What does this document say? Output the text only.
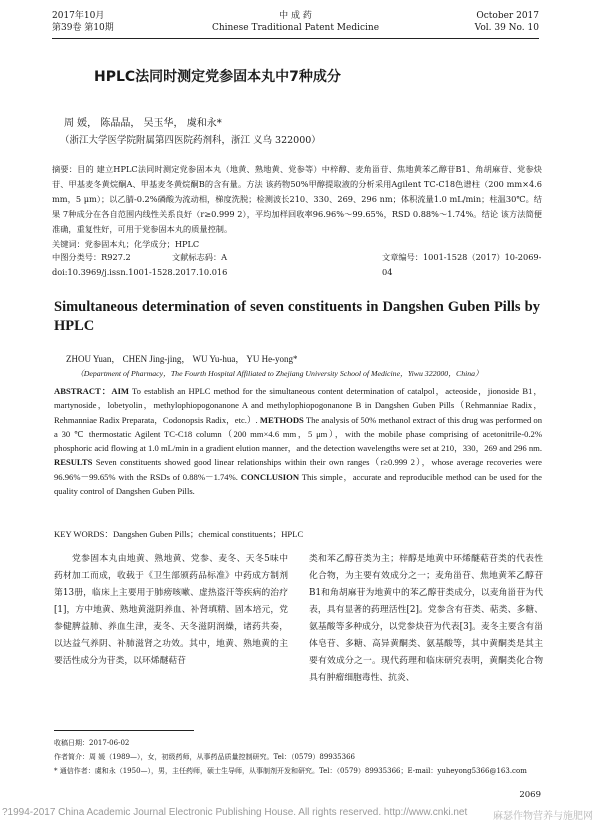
2017年10月
第39卷 第10期
中 成 药
Chinese Traditional Patent Medicine
October 2017
Vol. 39 No. 10
HPLC法同时测定党参固本丸中7种成分
周 媛， 陈晶晶， 吴玉华， 虞和永*
（浙江大学医学院附属第四医院药剂科，浙江 义乌 322000）
摘要：目的 建立HPLC法同时测定党参固本丸（地黄、熟地黄、党参等）中梓醇、麦角甾苷、焦地黄苯乙醇苷B1、角胡麻苷、党参炔苷、甲基麦冬黄烷酮A、甲基麦冬黄烷酮B的含有量。方法 该药物50%甲醇提取液的分析采用Agilent TC-C18色谱柱（200 mm×4.6 mm，5 μm）；以乙腈-0.2%磷酸为流动相，梯度洗脱；检测波长210、330、269、296 nm；体积流量1.0 mL/min；柱温30℃。结果 7种成分在各自范围内线性关系良好（r≥0.999 2），平均加样回收率96.96%～99.65%，RSD 0.88%～1.74%。结论 该方法简便准确，重复性好，可用于党参固本丸的质量控制。
关键词：党参固本丸；化学成分；HPLC
中图分类号：R927.2	文献标志码：A	文章编号：1001-1528（2017）10-2069-04
doi:10.3969/j.issn.1001-1528.2017.10.016
Simultaneous determination of seven constituents in Dangshen Guben Pills by HPLC
ZHOU Yuan， CHEN Jing-jing， WU Yu-hua， YU He-yong*
（Department of Pharmacy，The Fourth Hospital Affiliated to Zhejiang University School of Medicine，Yiwu 322000，China）
ABSTRACT：AIM To establish an HPLC method for the simultaneous content determination of catalpol，acteoside，jionoside B1，martynoside，lobetyolin，methylophiopogonanone A and methylophiopogonanone B in Dangshen Guben Pills（Rehmanniae Radix，Rehmanniae Radix Preparata，Codonopsis Radix，etc.）. METHODS The analysis of 50% methanol extract of this drug was performed on a 30 ℃ thermostatic Agilent TC-C18 column（200 mm×4.6 mm，5 μm），with the mobile phase comprising of acetonitrile-0.2% phosphoric acid flowing at 1.0 mL/min in a gradient elution manner，and the detection wavelengths were set at 210，330，269 and 296 nm. RESULTS Seven constituents showed good linear relationships within their own ranges（r≥0.999 2），whose average recoveries were 96.96%－99.65% with the RSDs of 0.88%－1.74%. CONCLUSION This simple，accurate and reproducible method can be used for the quality control of Dangshen Guben Pills.
KEY WORDS：Dangshen Guben Pills；chemical constituents；HPLC

党参固本丸由地黄、熟地黄、党参、麦冬、天冬5味中药材加工而成，收载于《卫生部颁药品标准》中药成方制剂第13册，临床上主要用于肺痨咳嗽、虚热盗汗等疾病的治疗[1]，方中地黄、熟地黄滋阴养血、补肾填精、固本培元，党参健脾益肺、养血生津，麦冬、天冬滋阴润燥，诸药共奏，以达益气养阴、补肺滋肾之功效。其中，地黄、熟地黄的主要活性成分为苷类，以环烯醚萜苷

类和苯乙醇苷类为主；梓醇是地黄中环烯醚萜苷类的代表性化合物，为主要有效成分之一；麦角甾苷、焦地黄苯乙醇苷B1和角胡麻苷为地黄中的苯乙醇苷类成分，以麦角甾苷为代表，具有显著的药理活性[2]。党参含有苷类、萜类、多糖、氨基酸等多种成分，以党参炔苷为代表[3]。麦冬主要含有甾体皂苷、多糖、高异黄酮类、氨基酸等，其中黄酮类是其主要有效成分之一。现代药理和临床研究表明，黄酮类化合物具有肿瘤细胞毒性、抗炎、

收稿日期：2017-06-02
作者简介：周 媛（1989—），女，初级药师，从事药品质量控制研究。Tel：（0579）89935366
* 通信作者：虞和永（1950—），男，主任药师，硕士生导师，从事制剂开发和研究。Tel：（0579）89935366；E-mail：yuheyong5366@163.com
2069
?1994-2017 China Academic Journal Electronic Publishing House. All rights reserved. http://www.cnki.net	麻瑟作物营养与施肥网
